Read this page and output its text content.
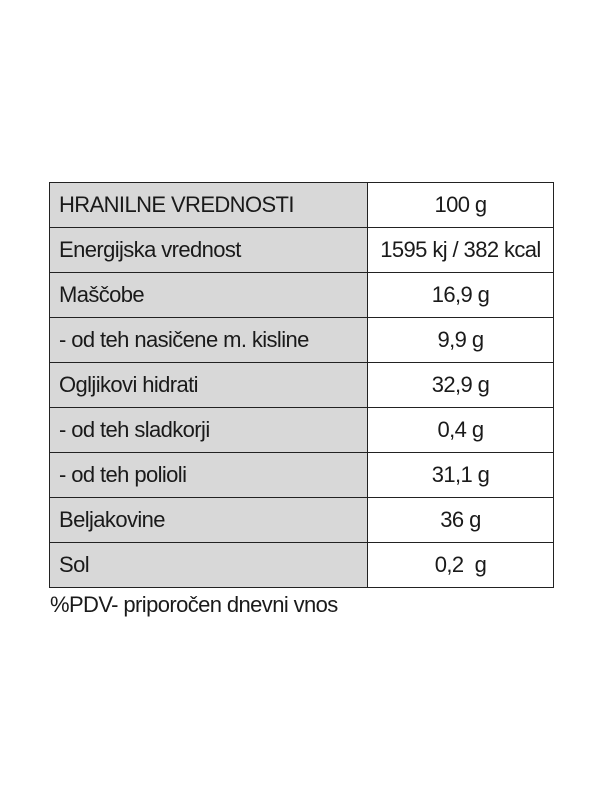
HRANILNE VREDNOSTI	100 g
Energijska vrednost	1595 kj / 382 kcal
Maščobe	16,9 g
- od teh nasičene m. kisline	9,9 g
Ogljikovi hidrati	32,9 g
- od teh sladkorji	0,4 g
- od teh polioli	31,1 g
Beljakovine	36 g
Sol	0,2  g
%PDV- priporočen dnevni vnos
